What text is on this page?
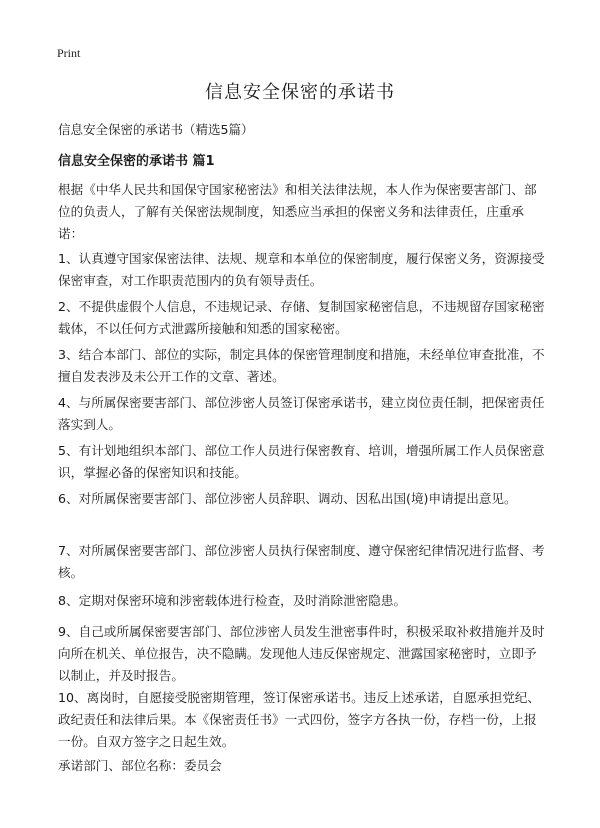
Print
信息安全保密的承诺书

信息安全保密的承诺书（精选5篇）

信息安全保密的承诺书 篇1

根据《中华人民共和国保守国家秘密法》和相关法律法规，本人作为保密要害部门、部位的负责人，了解有关保密法规制度，知悉应当承担的保密义务和法律责任，庄重承诺：

1、认真遵守国家保密法律、法规、规章和本单位的保密制度，履行保密义务，资源接受保密审查，对工作职责范围内的负有领导责任。

2、不提供虚假个人信息，不违规记录、存储、复制国家秘密信息，不违规留存国家秘密载体，不以任何方式泄露所接触和知悉的国家秘密。

3、结合本部门、部位的实际，制定具体的保密管理制度和措施，未经单位审查批准，不擅自发表涉及未公开工作的文章、著述。

4、与所属保密要害部门、部位涉密人员签订保密承诺书，建立岗位责任制，把保密责任落实到人。

5、有计划地组织本部门、部位工作人员进行保密教育、培训，增强所属工作人员保密意识，掌握必备的保密知识和技能。

6、对所属保密要害部门、部位涉密人员辞职、调动、因私出国(境)申请提出意见。

7、对所属保密要害部门、部位涉密人员执行保密制度、遵守保密纪律情况进行监督、考核。

8、定期对保密环境和涉密载体进行检查，及时消除泄密隐患。

9、自己或所属保密要害部门、部位涉密人员发生泄密事件时，积极采取补救措施并及时向所在机关、单位报告，决不隐瞒。发现他人违反保密规定、泄露国家秘密时，立即予以制止，并及时报告。

10、离岗时，自愿接受脱密期管理，签订保密承诺书。违反上述承诺，自愿承担党纪、政纪责任和法律后果。本《保密责任书》一式四份，签字方各执一份，存档一份，上报一份。自双方签字之日起生效。

承诺部门、部位名称：委员会
